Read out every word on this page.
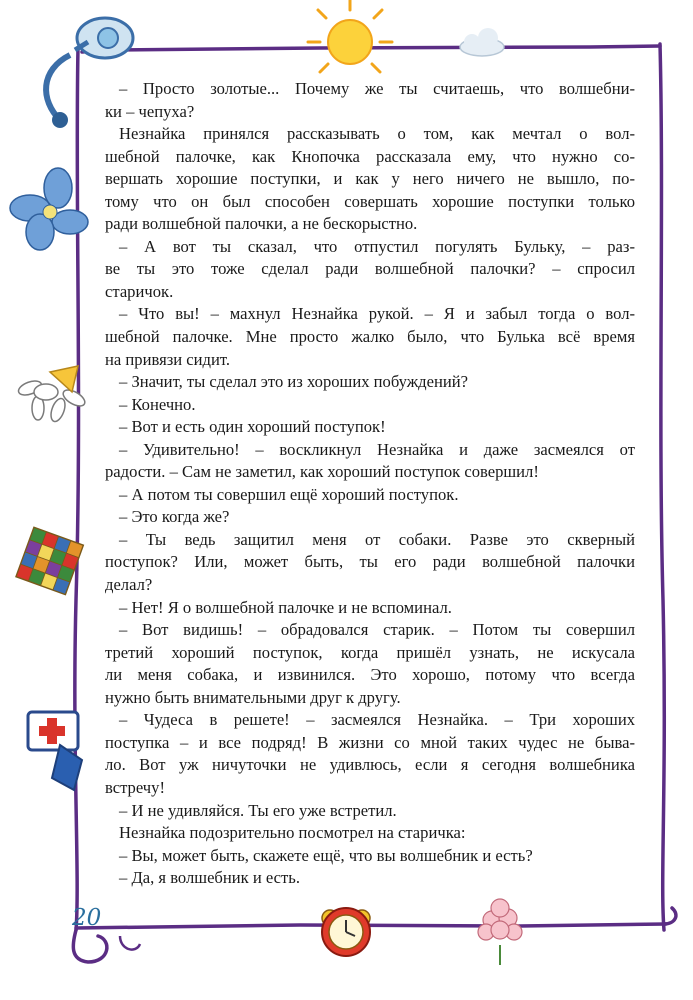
– Просто золотые... Почему же ты считаешь, что волшебни-

ки – чепуха?

Незнайка принялся рассказывать о том, как мечтал о вол-

шебной палочке, как Кнопочка рассказала ему, что нужно со-

вершать хорошие поступки, и как у него ничего не вышло, по-

тому что он был способен совершать хорошие поступки только

ради волшебной палочки, а не бескорыстно.

– А вот ты сказал, что отпустил погулять Бульку, – раз-

ве ты это тоже сделал ради волшебной палочки? – спросил

старичок.

– Что вы! – махнул Незнайка рукой. – Я и забыл тогда о вол-

шебной палочке. Мне просто жалко было, что Булька всё время

на привязи сидит.

– Значит, ты сделал это из хороших побуждений?

– Конечно.

– Вот и есть один хороший поступок!

– Удивительно! – воскликнул Незнайка и даже засмеялся от

радости. – Сам не заметил, как хороший поступок совершил!

– А потом ты совершил ещё хороший поступок.

– Это когда же?

– Ты ведь защитил меня от собаки. Разве это скверный

поступок? Или, может быть, ты его ради волшебной палочки

делал?

– Нет! Я о волшебной палочке и не вспоминал.

– Вот видишь! – обрадовался старик. – Потом ты совершил

третий хороший поступок, когда пришёл узнать, не искусала

ли меня собака, и извинился. Это хорошо, потому что всегда

нужно быть внимательными друг к другу.

– Чудеса в решете! – засмеялся Незнайка. – Три хороших

поступка – и все подряд! В жизни со мной таких чудес не быва-

ло. Вот уж ничуточки не удивлюсь, если я сегодня волшебника

встречу!

– И не удивляйся. Ты его уже встретил.

Незнайка подозрительно посмотрел на старичка:

– Вы, может быть, скажете ещё, что вы волшебник и есть?

– Да, я волшебник и есть.

20
